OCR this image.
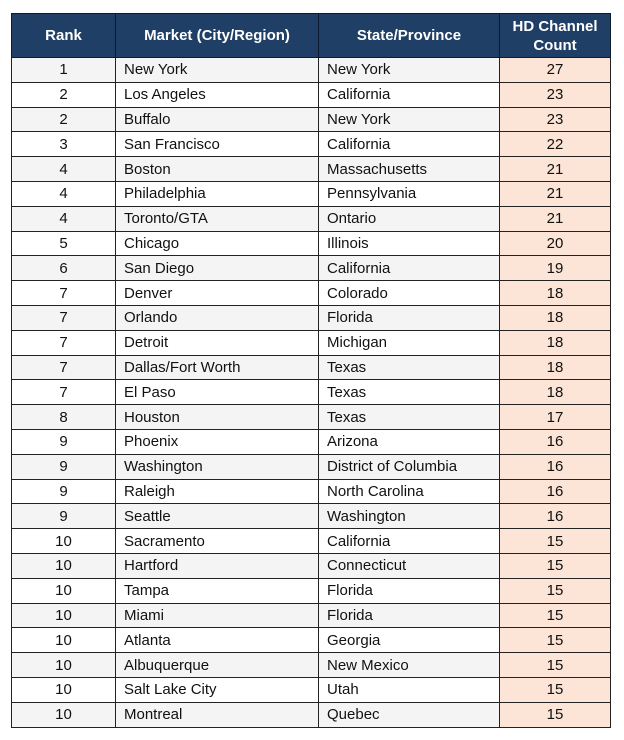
Rank	Market (City/Region)	State/Province	HD Channel Count
1	New York	New York	27
2	Los Angeles	California	23
2	Buffalo	New York	23
3	San Francisco	California	22
4	Boston	Massachusetts	21
4	Philadelphia	Pennsylvania	21
4	Toronto/GTA	Ontario	21
5	Chicago	Illinois	20
6	San Diego	California	19
7	Denver	Colorado	18
7	Orlando	Florida	18
7	Detroit	Michigan	18
7	Dallas/Fort Worth	Texas	18
7	El Paso	Texas	18
8	Houston	Texas	17
9	Phoenix	Arizona	16
9	Washington	District of Columbia	16
9	Raleigh	North Carolina	16
9	Seattle	Washington	16
10	Sacramento	California	15
10	Hartford	Connecticut	15
10	Tampa	Florida	15
10	Miami	Florida	15
10	Atlanta	Georgia	15
10	Albuquerque	New Mexico	15
10	Salt Lake City	Utah	15
10	Montreal	Quebec	15
